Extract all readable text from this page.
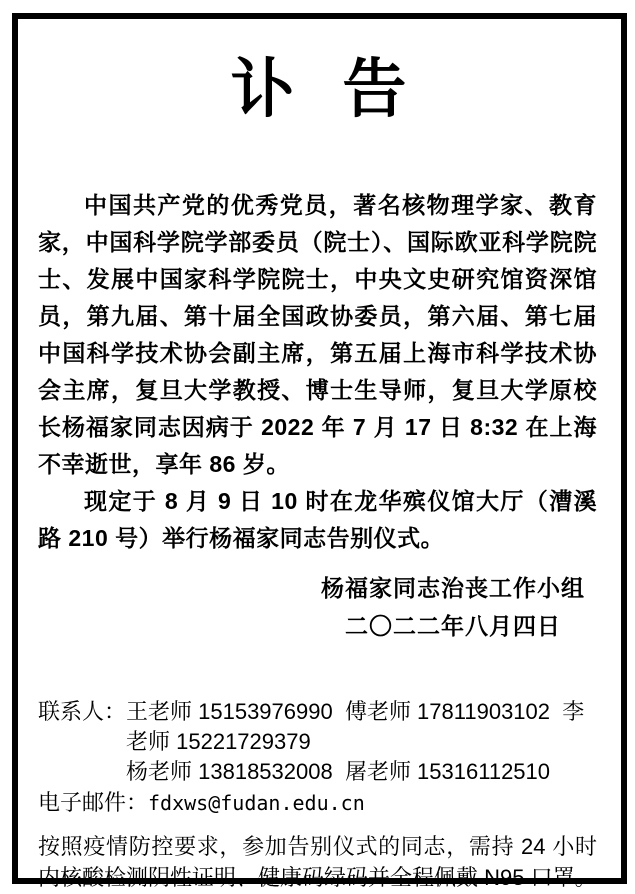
讣 告

中国共产党的优秀党员，著名核物理学家、教育家，中国科学院学部委员（院士）、国际欧亚科学院院士、发展中国家科学院院士，中央文史研究馆资深馆员，第九届、第十届全国政协委员，第六届、第七届中国科学技术协会副主席，第五届上海市科学技术协会主席，复旦大学教授、博士生导师，复旦大学原校长杨福家同志因病于 2022 年 7 月 17 日 8:32 在上海不幸逝世，享年 86 岁。

现定于 8 月 9 日 10 时在龙华殡仪馆大厅（漕溪路 210 号）举行杨福家同志告别仪式。

杨福家同志治丧工作小组
二〇二二年八月四日
联系人： 王老师 15153976990  傅老师 17811903102  李老师 15221729379
杨老师 13818532008  屠老师 15316112510
电子邮件： fdxws@fudan.edu.cn

按照疫情防控要求，参加告别仪式的同志，需持 24 小时内核酸检测阴性证明、健康码绿码并全程佩戴 N95 口罩。
